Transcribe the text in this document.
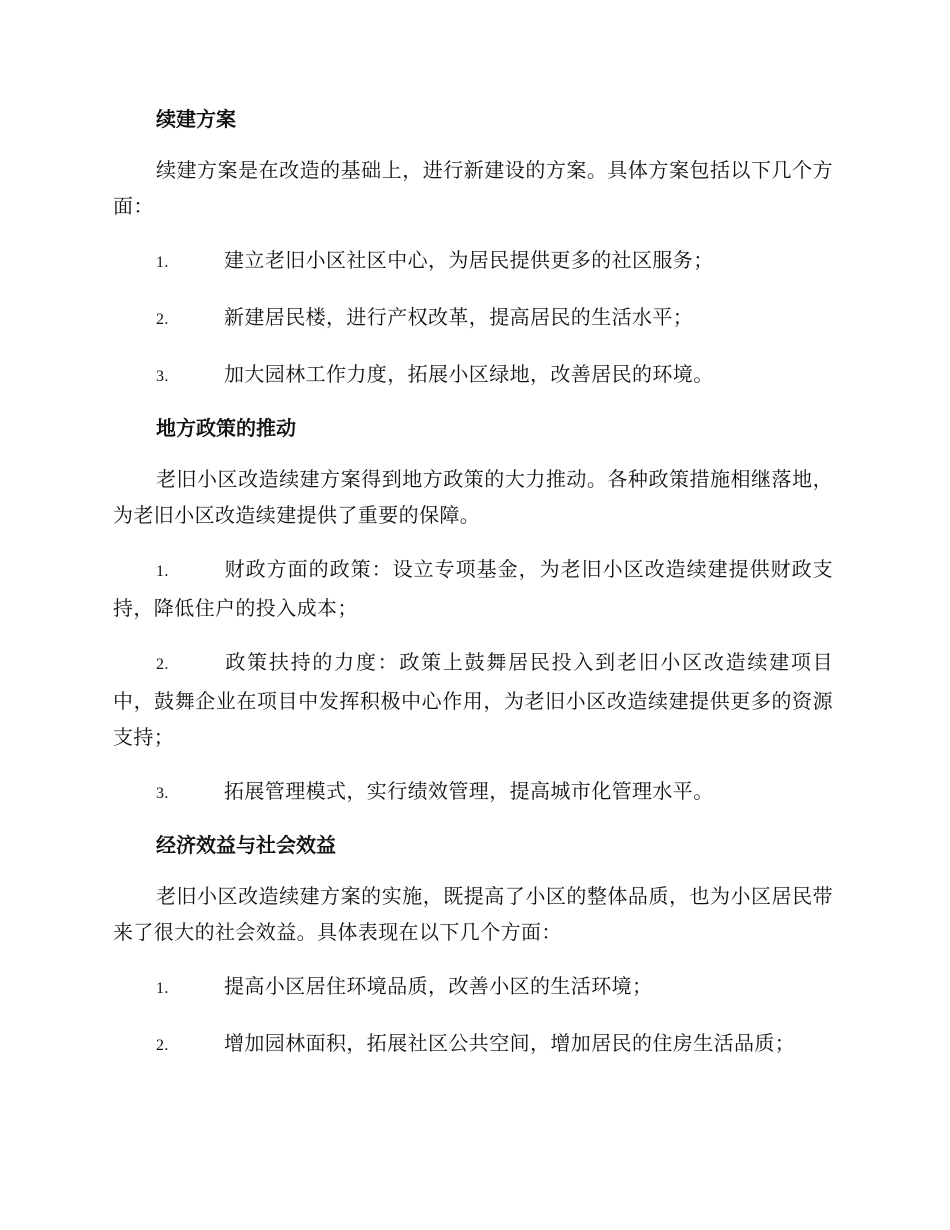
续建方案

续建方案是在改造的基础上，进行新建设的方案。具体方案包括以下几个方面：

1.	建立老旧小区社区中心，为居民提供更多的社区服务；
2.	新建居民楼，进行产权改革，提高居民的生活水平；
3.	加大园林工作力度，拓展小区绿地，改善居民的环境。
地方政策的推动

老旧小区改造续建方案得到地方政策的大力推动。各种政策措施相继落地，为老旧小区改造续建提供了重要的保障。

1.	财政方面的政策：设立专项基金，为老旧小区改造续建提供财政支持，降低住户的投入成本；
2.	政策扶持的力度：政策上鼓舞居民投入到老旧小区改造续建项目中，鼓舞企业在项目中发挥积极中心作用，为老旧小区改造续建提供更多的资源支持；
3.	拓展管理模式，实行绩效管理，提高城市化管理水平。
经济效益与社会效益

老旧小区改造续建方案的实施，既提高了小区的整体品质，也为小区居民带来了很大的社会效益。具体表现在以下几个方面：

1.	提高小区居住环境品质，改善小区的生活环境；
2.	增加园林面积，拓展社区公共空间，增加居民的住房生活品质；
